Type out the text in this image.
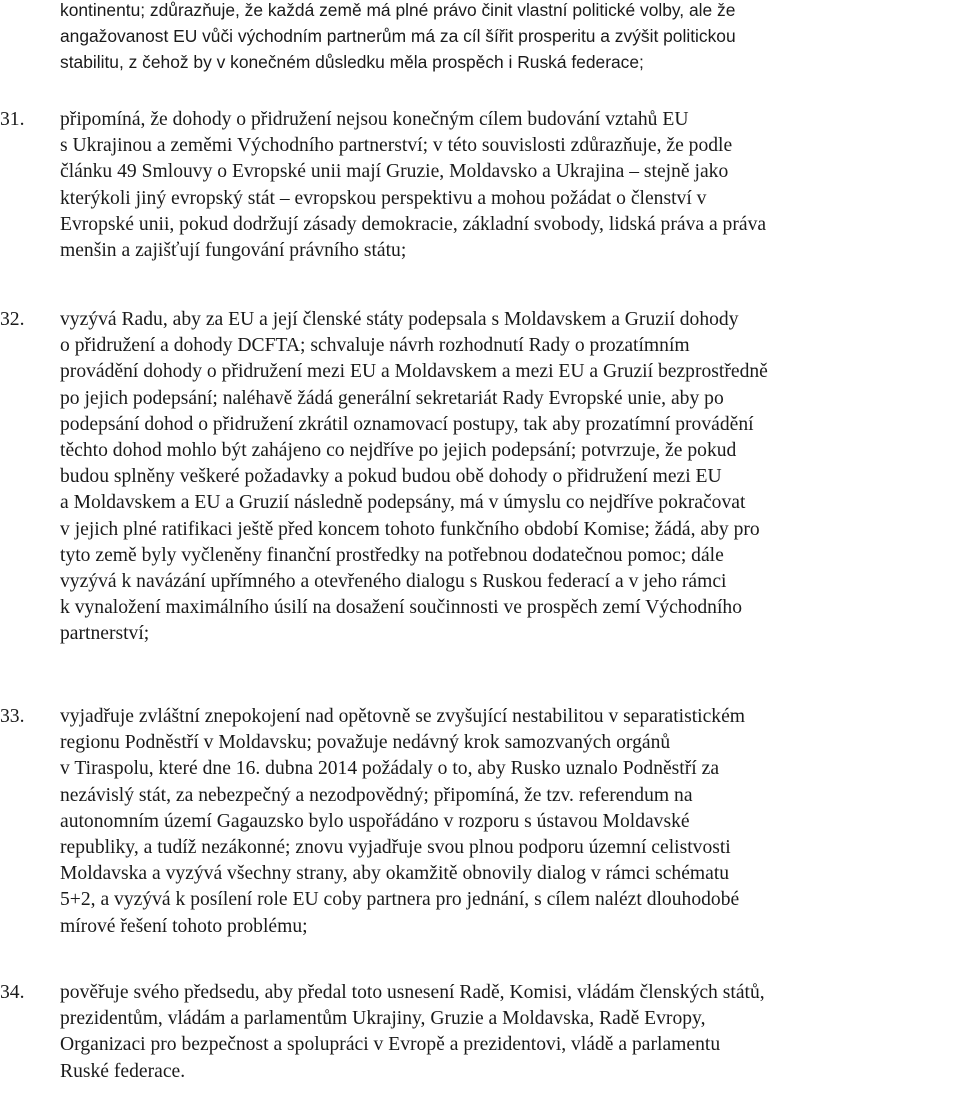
kontinentu; zdůrazňuje, že každá země má plné právo činit vlastní politické volby, ale že
angažovanost EU vůči východním partnerům má za cíl šířit prosperitu a zvýšit politickou
stabilitu, z čehož by v konečném důsledku měla prospěch i Ruská federace;
31.	připomíná, že dohody o přidružení nejsou konečným cílem budování vztahů EU
s Ukrajinou a zeměmi Východního partnerství; v této souvislosti zdůrazňuje, že podle
článku 49 Smlouvy o Evropské unii mají Gruzie, Moldavsko a Ukrajina – stejně jako
kterýkoli jiný evropský stát – evropskou perspektivu a mohou požádat o členství v
Evropské unii, pokud dodržují zásady demokracie, základní svobody, lidská práva a práva
menšin a zajišťují fungování právního státu;
32.	vyzývá Radu, aby za EU a její členské státy podepsala s Moldavskem a Gruzií dohody
o přidružení a dohody DCFTA; schvaluje návrh rozhodnutí Rady o prozatímním
provádění dohody o přidružení mezi EU a Moldavskem a mezi EU a Gruzií bezprostředně
po jejich podepsání; naléhavě žádá generální sekretariát Rady Evropské unie, aby po
podepsání dohod o přidružení zkrátil oznamovací postupy, tak aby prozatímní provádění
těchto dohod mohlo být zahájeno co nejdříve po jejich podepsání; potvrzuje, že pokud
budou splněny veškeré požadavky a pokud budou obě dohody o přidružení mezi EU
a Moldavskem a EU a Gruzií následně podepsány, má v úmyslu co nejdříve pokračovat
v jejich plné ratifikaci ještě před koncem tohoto funkčního období Komise; žádá, aby pro
tyto země byly vyčleněny finanční prostředky na potřebnou dodatečnou pomoc; dále
vyzývá k navázání upřímného a otevřeného dialogu s Ruskou federací a v jeho rámci
k vynaložení maximálního úsilí na dosažení součinnosti ve prospěch zemí Východního
partnerství;
33.	vyjadřuje zvláštní znepokojení nad opětovně se zvyšující nestabilitou v separatistickém
regionu Podněstří v Moldavsku; považuje nedávný krok samozvaných orgánů
v Tiraspolu, které dne 16. dubna 2014 požádaly o to, aby Rusko uznalo Podněstří za
nezávislý stát, za nebezpečný a nezodpovědný; připomíná, že tzv. referendum na
autonomním území Gagauzsko bylo uspořádáno v rozporu s ústavou Moldavské
republiky, a tudíž nezákonné; znovu vyjadřuje svou plnou podporu územní celistvosti
Moldavska a vyzývá všechny strany, aby okamžitě obnovily dialog v rámci schématu
5+2, a vyzývá k posílení role EU coby partnera pro jednání, s cílem nalézt dlouhodobé
mírové řešení tohoto problému;
34.	pověřuje svého předsedu, aby předal toto usnesení Radě, Komisi, vládám členských států,
prezidentům, vládám a parlamentům Ukrajiny, Gruzie a Moldavska, Radě Evropy,
Organizaci pro bezpečnost a spolupráci v Evropě a prezidentovi, vládě a parlamentu
Ruské federace.
